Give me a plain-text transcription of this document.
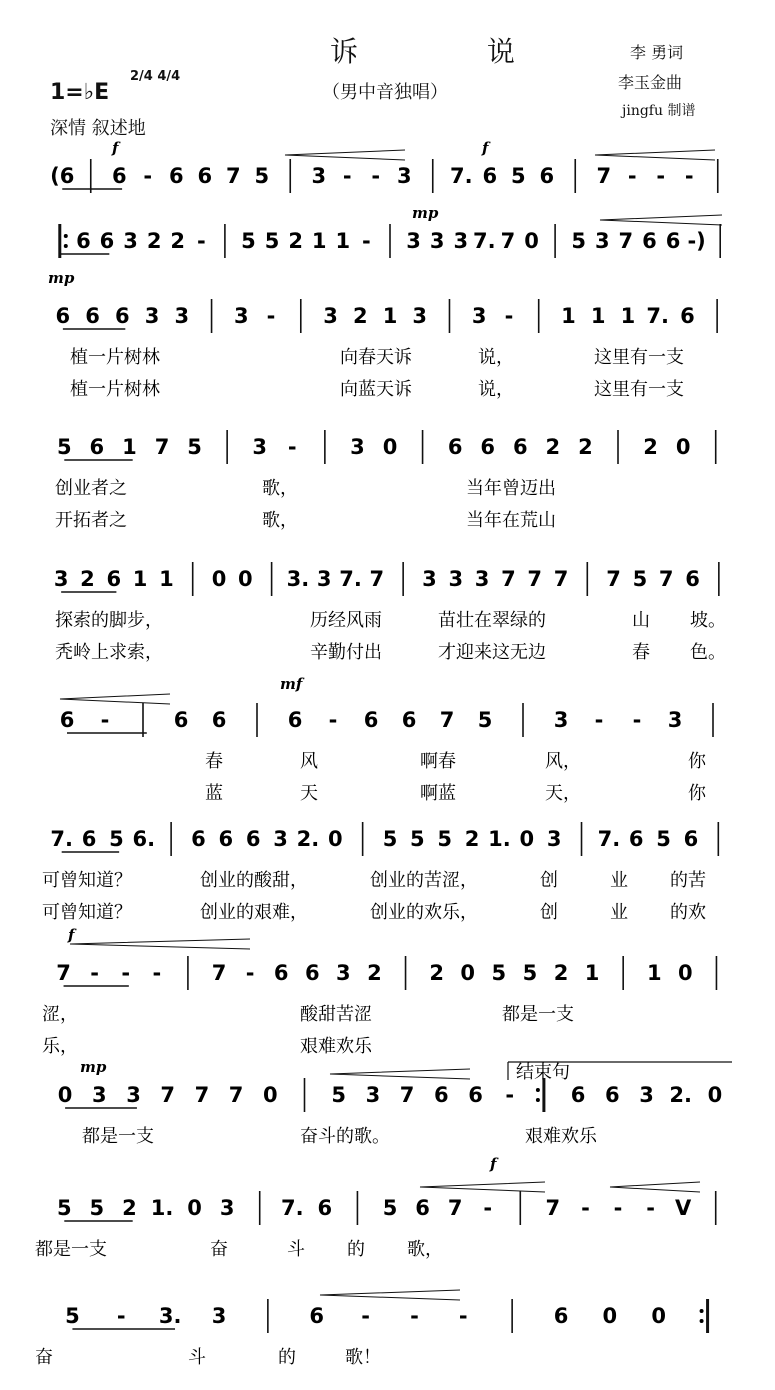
诉 说
（男中音独唱）
李 勇词
李玉金曲
jingfu 制谱
1=♭E
2/4 4/4
深情 叙述地
(6 6 - 6 6 7 5 3 - - 3 7. 6 5 6 7 - - -
6 6 3 2 2 - 5 5 2 1 1 - 3 3 3 7. 7 0 5 3 7 6 6 -)
6 6 6 3 3 3 - 3 2 1 3 3 - 1 1 1 7. 6
植一片树林	向春天诉	说，	这里有一支
植一片树林	向蓝天诉	说，	这里有一支
5 6 1 7 5 3 -	3 0 6 6 6 2 2 2 0
创业者之	歌，	当年曾迈出
开拓者之	歌，	当年在荒山
3 2 6 1 1 0 0 3. 3 7. 7 3 3 3 7 7 7 7 5 7 6
探索的脚步，	历经风雨	苗壮在翠绿的	山 坡。
秃岭上求索，	辛勤付出	才迎来这无边	春 色。
6 -	6 6	6 - 6 6 7 5	3 - - 3
春	风	啊春	风，	你
蓝	天	啊蓝	天，	你
7. 6 5 6. 6 6 6 3 2. 0 5 5 5 2 1. 0 3 7. 6 5 6
可曾知道？	创业的酸甜，	创业的苦涩，	创	业 的苦
可曾知道？	创业的艰难，	创业的欢乐，	创	业 的欢
7 - - - 7 - 6 6 3 2 2 0 5 5 2 1 1 0
涩，	酸甜苦涩	都是一支
乐，	艰难欢乐
0 3 3 7 7 7 0	5 3 7 6 6 -	6 6 3 2. 0
都是一支	奋斗的歌。	艰难欢乐
5 5 2 1. 0 3 7. 6 5 6 7 -	7 - - - V
都是一支	奋	斗 的 歌，
5 - 3. 3	6 - - -	6 0 0
奋	斗	的	歌！
f	f
mp
mp
mf
f
mp
f
结束句
